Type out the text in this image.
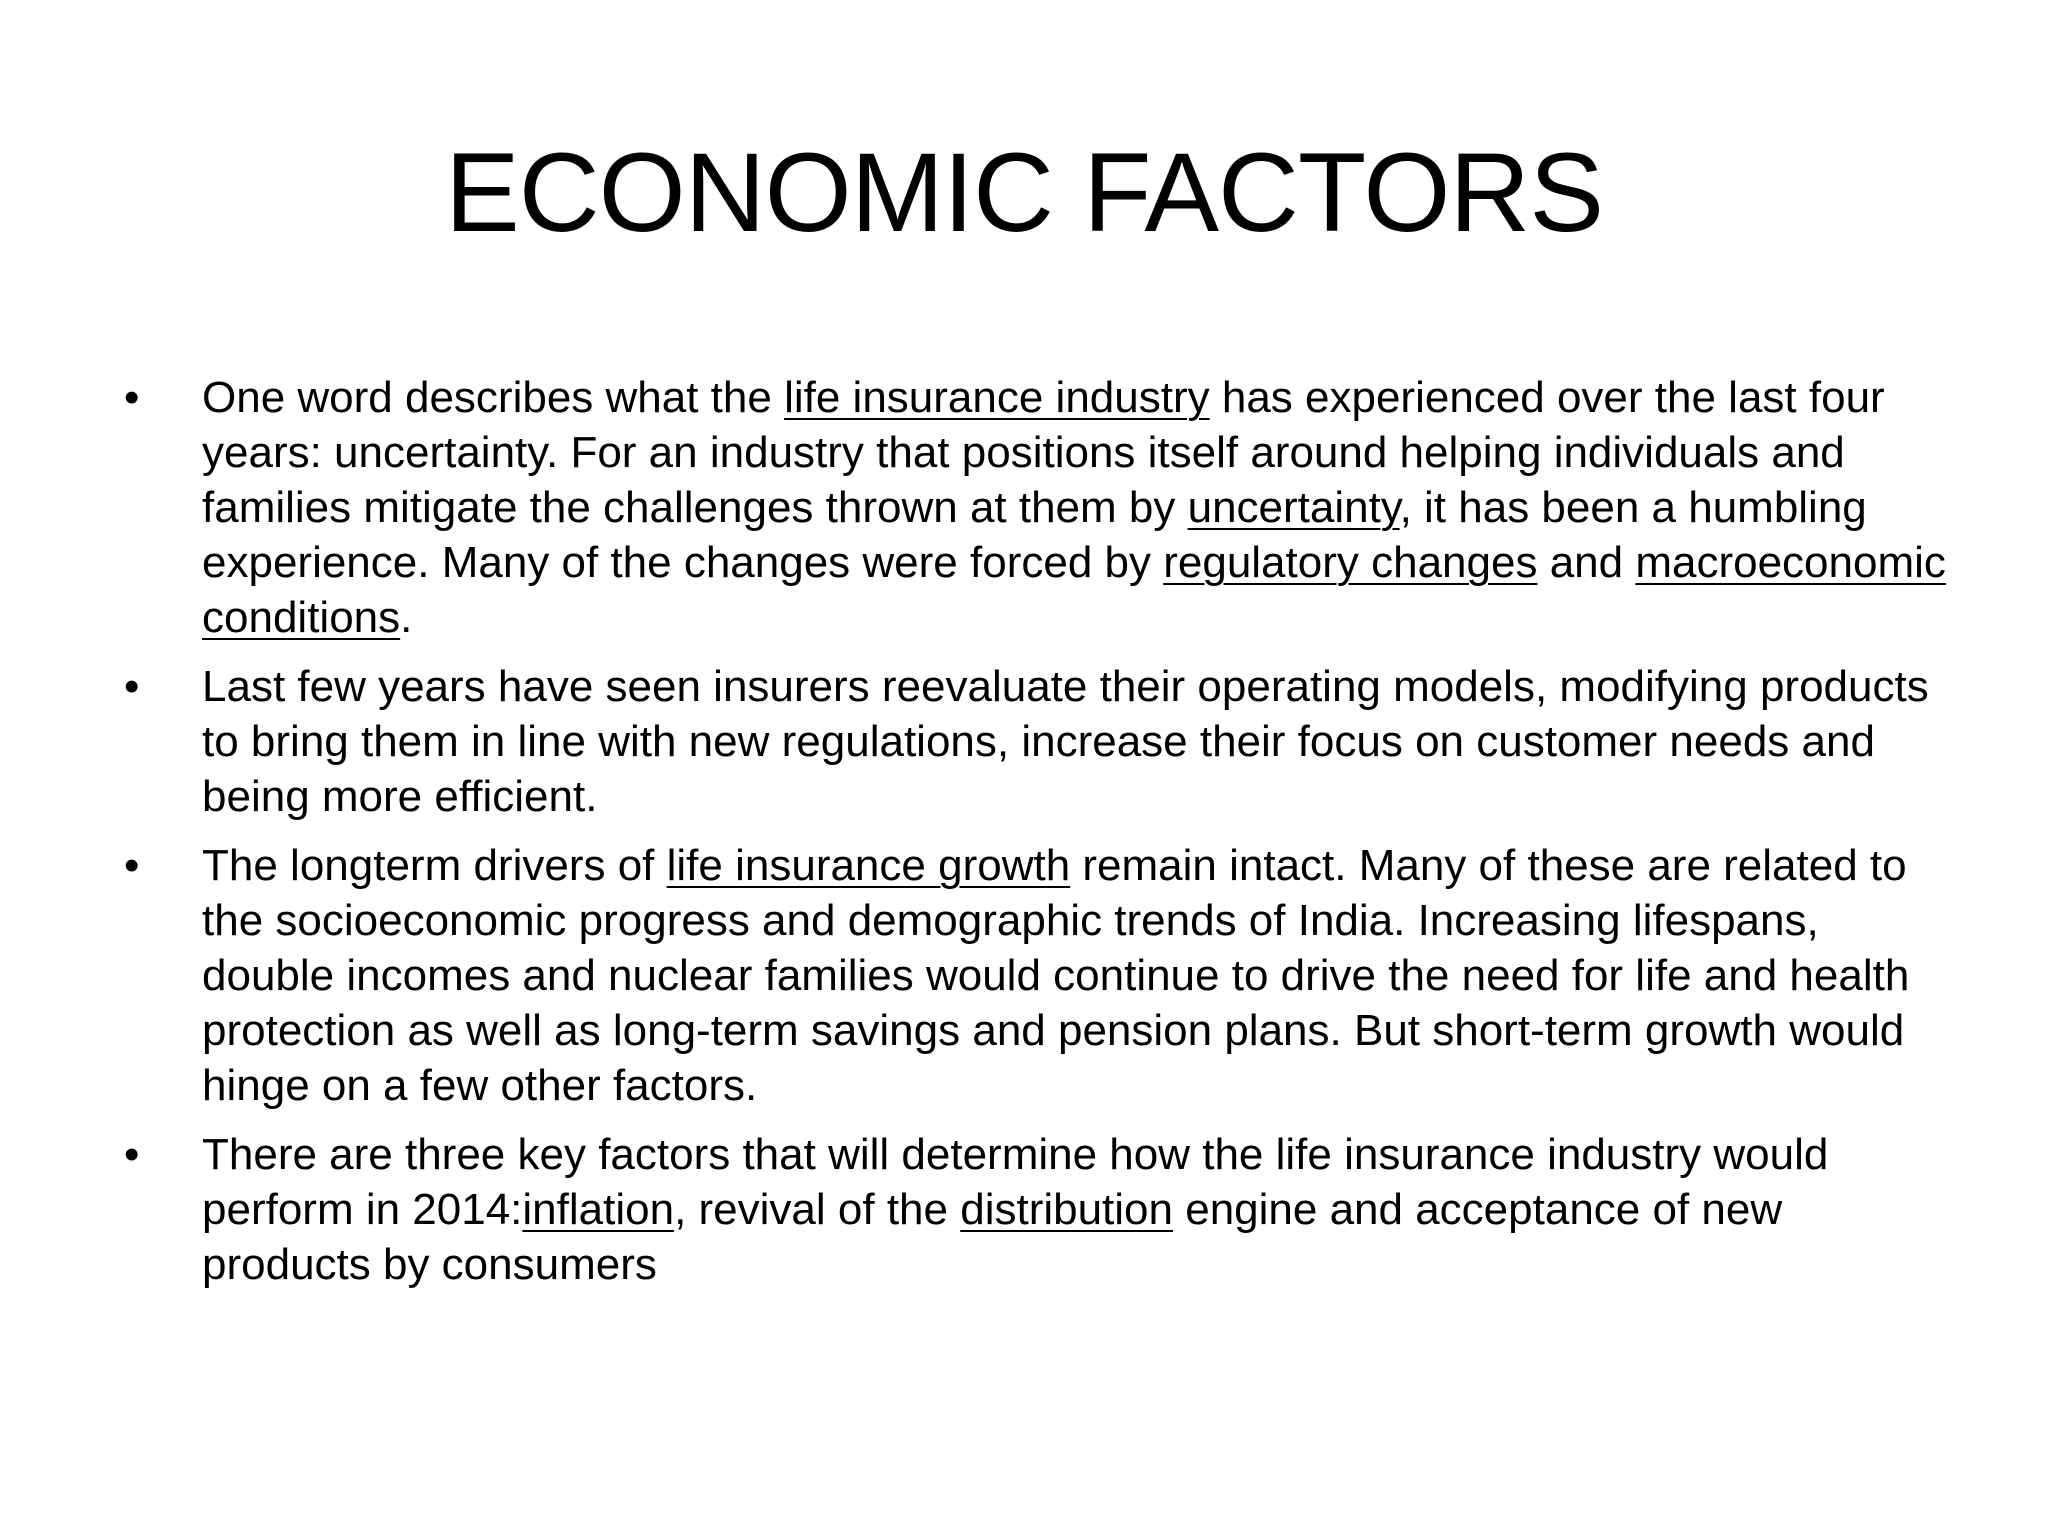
ECONOMIC FACTORS
•	One word describes what the life insurance industry has experienced over the last four years: uncertainty. For an industry that positions itself around helping individuals and families mitigate the challenges thrown at them by uncertainty, it has been a humbling experience. Many of the changes were forced by regulatory changes and macroeconomic conditions.
•	Last few years have seen insurers reevaluate their operating models, modifying products to bring them in line with new regulations, increase their focus on customer needs and being more efficient.
•	The longterm drivers of life insurance growth remain intact. Many of these are related to the socioeconomic progress and demographic trends of India. Increasing lifespans, double incomes and nuclear families would continue to drive the need for life and health protection as well as long-term savings and pension plans. But short-term growth would hinge on a few other factors.
•	There are three key factors that will determine how the life insurance industry would perform in 2014:inflation, revival of the distribution engine and acceptance of new products by consumers
